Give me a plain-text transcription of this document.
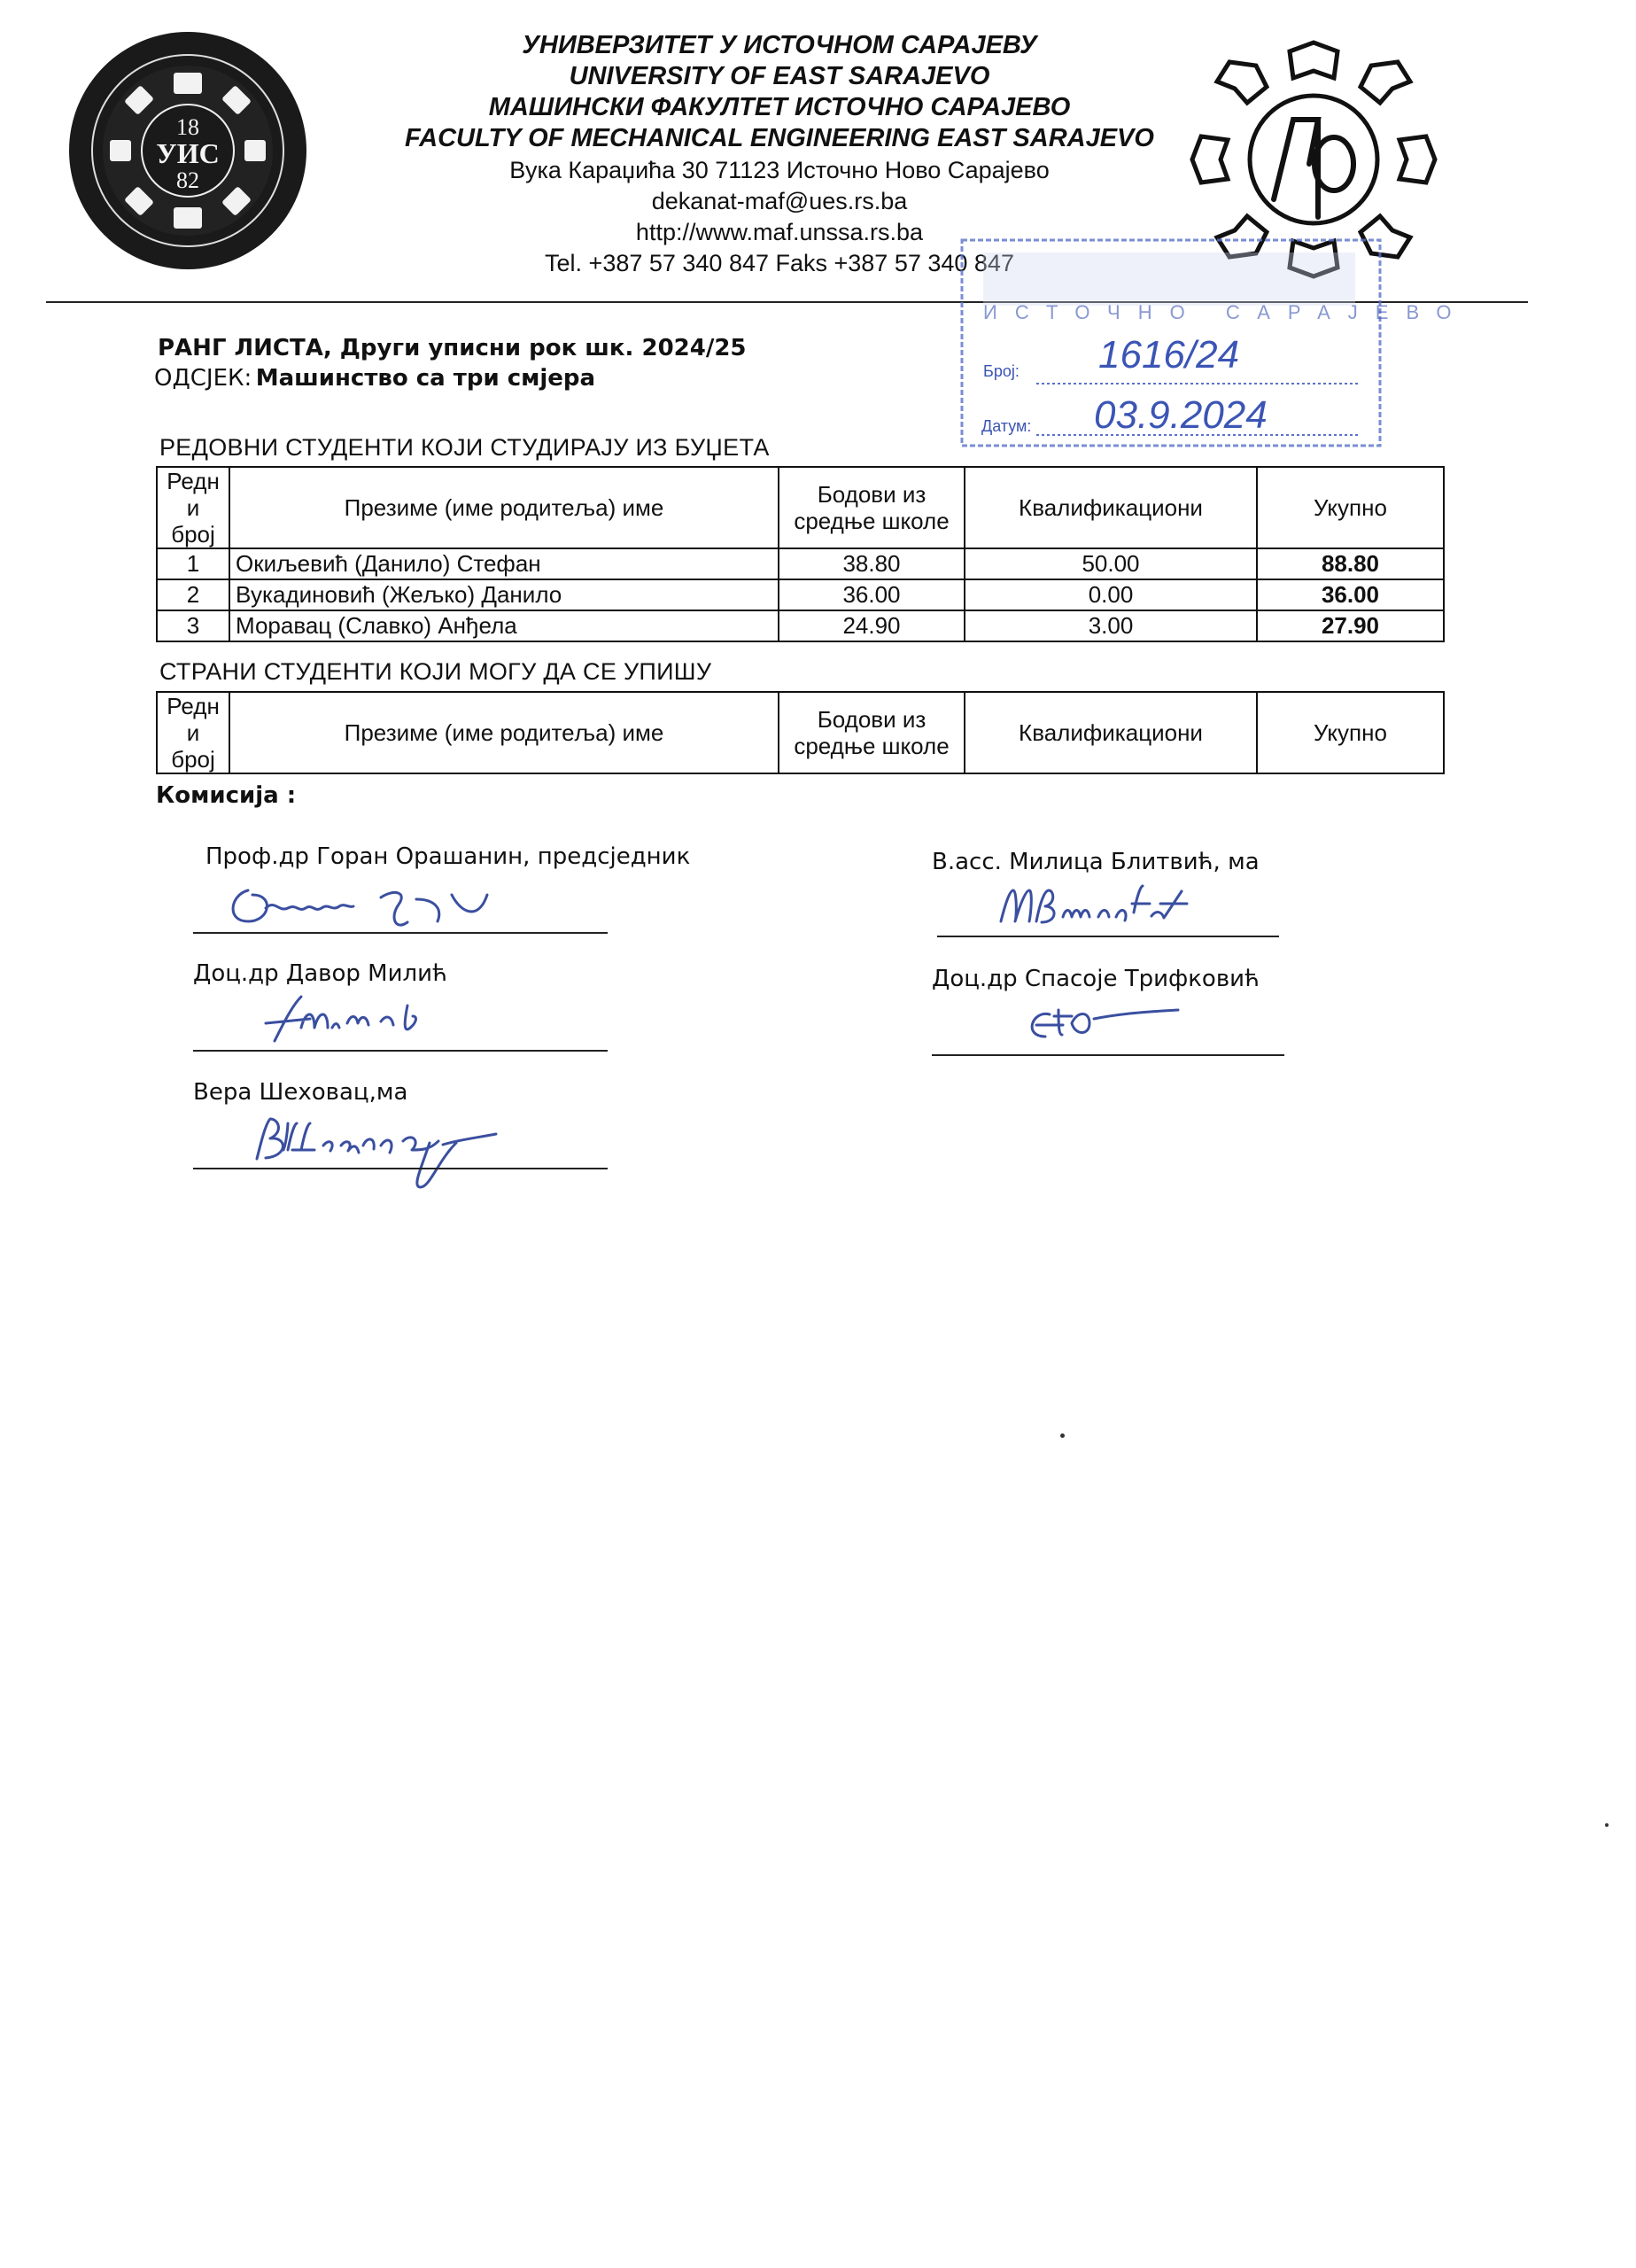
18
УИС
82
УНИВЕРЗИТЕТ У ИСТОЧНОМ САРАЈЕВУ
UNIVERSITY OF EAST SARAJEVO
МАШИНСКИ ФАКУЛТЕТ ИСТОЧНО САРАЈЕВО
FACULTY OF MECHANICAL ENGINEERING EAST SARAJEVO
Вука Караџића 30 71123 Источно Ново Сарајево
dekanat-maf@ues.rs.ba
http://www.maf.unssa.rs.ba
Tel. +387 57 340 847 Faks +387 57 340 847
ИСТОЧНО САРАЈЕВО
Број: 1616/24
Датум: 03.9.2024
РАНГ ЛИСТА, Други уписни рок шк. 2024/25
ОДСЈЕК: Машинство са три смјера
РЕДОВНИ СТУДЕНТИ КОЈИ СТУДИРАЈУ ИЗ БУЏЕТА
Редн и број	Презиме (име родитеља) име	Бодови из средње школе	Квалификациони	Укупно
1	Окиљевић (Данило) Стефан	38.80	50.00	88.80
2	Вукадиновић (Жељко) Данило	36.00	0.00	36.00
3	Моравац (Славко) Анђела	24.90	3.00	27.90
СТРАНИ СТУДЕНТИ КОЈИ МОГУ ДА СЕ УПИШУ
Редн и број	Презиме (име родитеља) име	Бодови из средње школе	Квалификациони	Укупно
Комисија :
Проф.др Горан Орашанин, предсједник
Доц.др Давор Милић
Вера Шеховац,ма
В.асс. Милица Блитвић, ма
Доц.др Спасоје Трифковић
